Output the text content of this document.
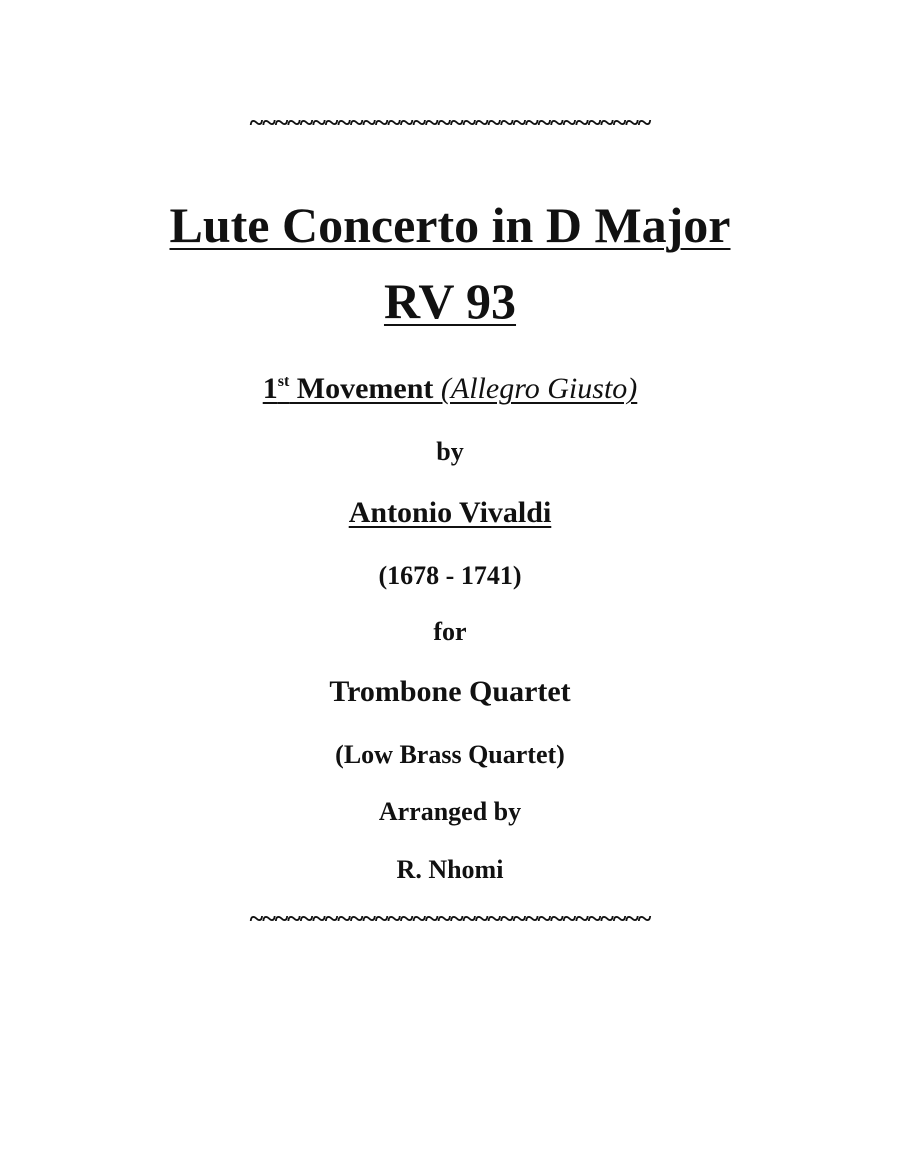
~~~~~~~~~~~~~~~~~~~~~~~~~~~~~~~~
Lute Concerto in D Major
RV 93
1st Movement (Allegro Giusto)
by
Antonio Vivaldi
(1678 - 1741)
for
Trombone Quartet
(Low Brass Quartet)
Arranged by
R. Nhomi
~~~~~~~~~~~~~~~~~~~~~~~~~~~~~~~~
